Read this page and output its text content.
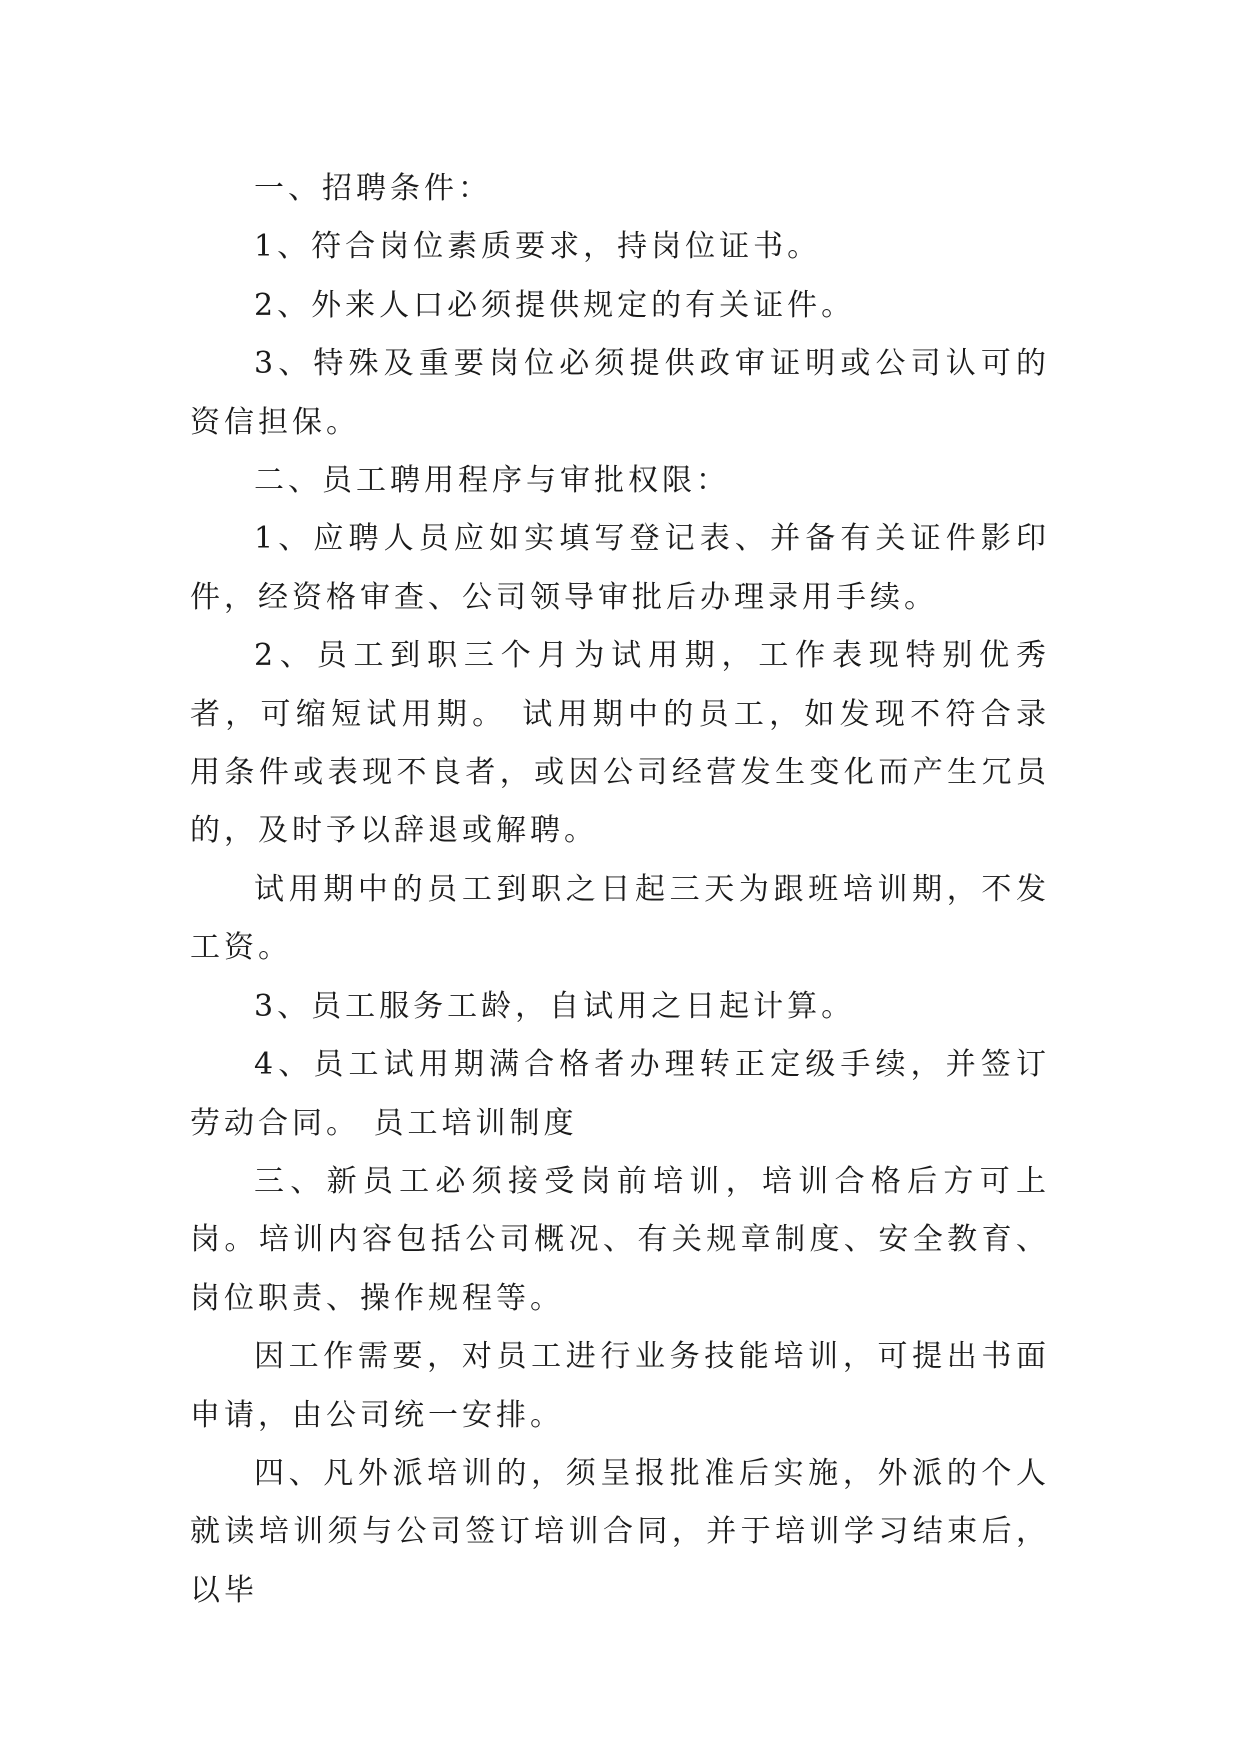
一、招聘条件：

1、符合岗位素质要求，持岗位证书。

2、外来人口必须提供规定的有关证件。

3、特殊及重要岗位必须提供政审证明或公司认可的资信担保。

二、员工聘用程序与审批权限：

1、应聘人员应如实填写登记表、并备有关证件影印件，经资格审查、公司领导审批后办理录用手续。

2、员工到职三个月为试用期，工作表现特别优秀者，可缩短试用期。 试用期中的员工，如发现不符合录用条件或表现不良者，或因公司经营发生变化而产生冗员的，及时予以辞退或解聘。

试用期中的员工到职之日起三天为跟班培训期，不发工资。

3、员工服务工龄，自试用之日起计算。

4、员工试用期满合格者办理转正定级手续，并签订劳动合同。 员工培训制度

三、新员工必须接受岗前培训，培训合格后方可上岗。培训内容包括公司概况、有关规章制度、安全教育、岗位职责、操作规程等。

因工作需要，对员工进行业务技能培训，可提出书面申请，由公司统一安排。

四、凡外派培训的，须呈报批准后实施，外派的个人就读培训须与公司签订培训合同，并于培训学习结束后，以毕
